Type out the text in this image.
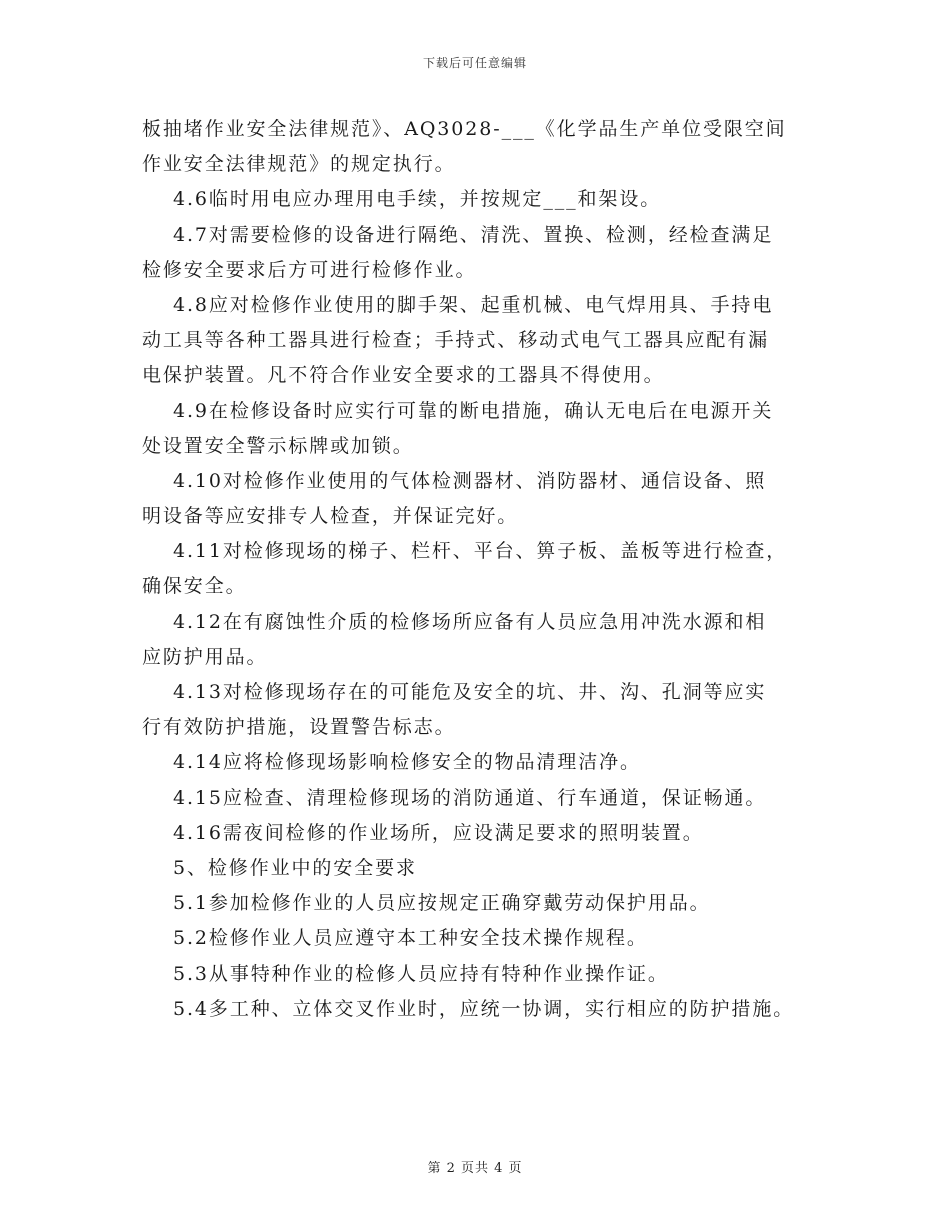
下载后可任意编辑
板抽堵作业安全法律规范》、AQ3028-___《化学品生产单位受限空间
作业安全法律规范》的规定执行。
4.6临时用电应办理用电手续，并按规定___和架设。
4.7对需要检修的设备进行隔绝、清洗、置换、检测，经检查满足
检修安全要求后方可进行检修作业。
4.8应对检修作业使用的脚手架、起重机械、电气焊用具、手持电
动工具等各种工器具进行检查；手持式、移动式电气工器具应配有漏
电保护装置。凡不符合作业安全要求的工器具不得使用。
4.9在检修设备时应实行可靠的断电措施，确认无电后在电源开关
处设置安全警示标牌或加锁。
4.10对检修作业使用的气体检测器材、消防器材、通信设备、照
明设备等应安排专人检查，并保证完好。
4.11对检修现场的梯子、栏杆、平台、箅子板、盖板等进行检查，
确保安全。
4.12在有腐蚀性介质的检修场所应备有人员应急用冲洗水源和相
应防护用品。
4.13对检修现场存在的可能危及安全的坑、井、沟、孔洞等应实
行有效防护措施，设置警告标志。
4.14应将检修现场影响检修安全的物品清理洁净。
4.15应检查、清理检修现场的消防通道、行车通道，保证畅通。
4.16需夜间检修的作业场所，应设满足要求的照明装置。
5、检修作业中的安全要求
5.1参加检修作业的人员应按规定正确穿戴劳动保护用品。
5.2检修作业人员应遵守本工种安全技术操作规程。
5.3从事特种作业的检修人员应持有特种作业操作证。
5.4多工种、立体交叉作业时，应统一协调，实行相应的防护措施。
第 2 页共 4 页
